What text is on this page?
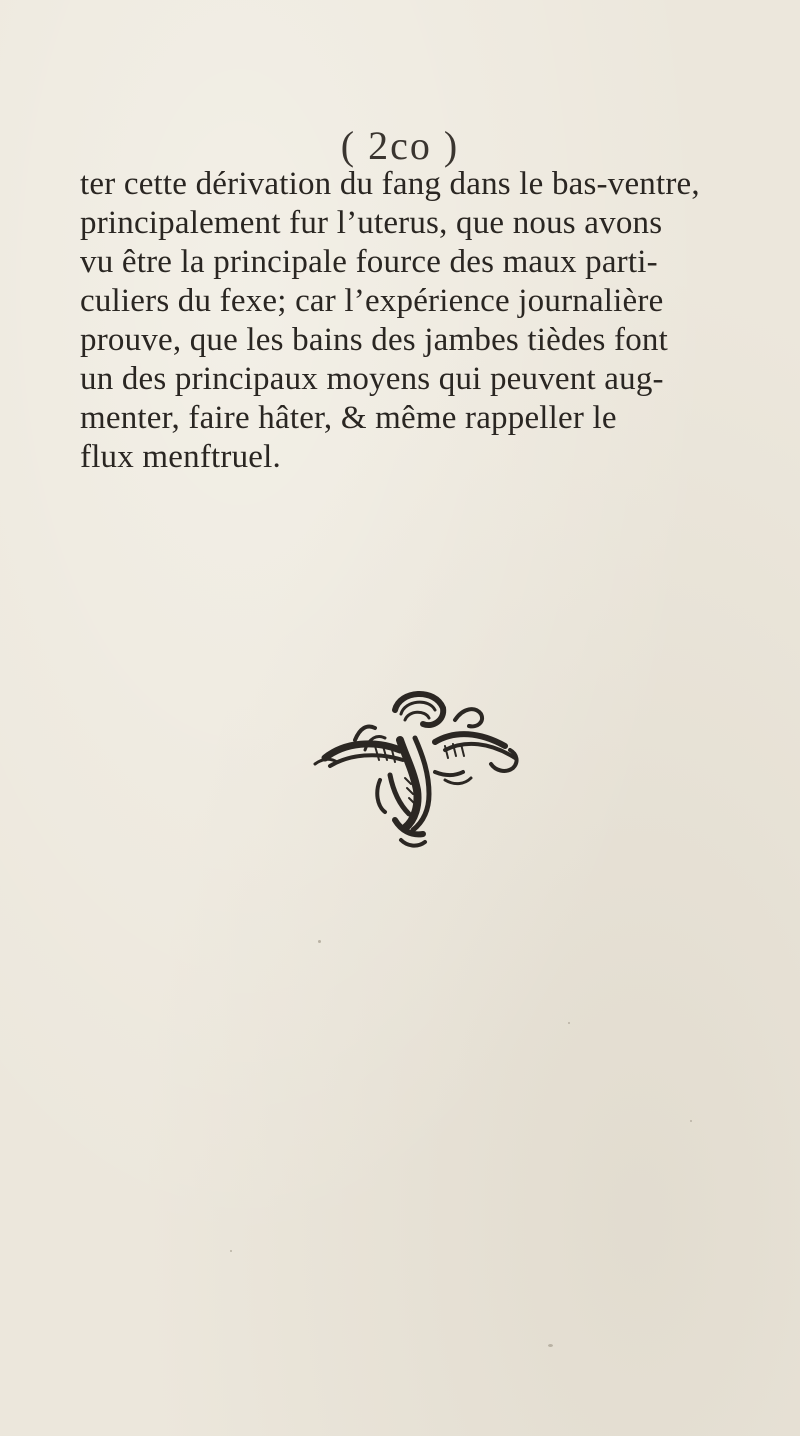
( 2co )
ter cette dérivation du fang dans le bas-ventre,
principalement fur l’uterus, que nous avons
vu être la principale fource des maux parti-
culiers du fexe; car l’expérience journalière
prouve, que les bains des jambes tièdes font
un des principaux moyens qui peuvent aug-
menter, faire hâter, & même rappeller le
flux menftruel.
